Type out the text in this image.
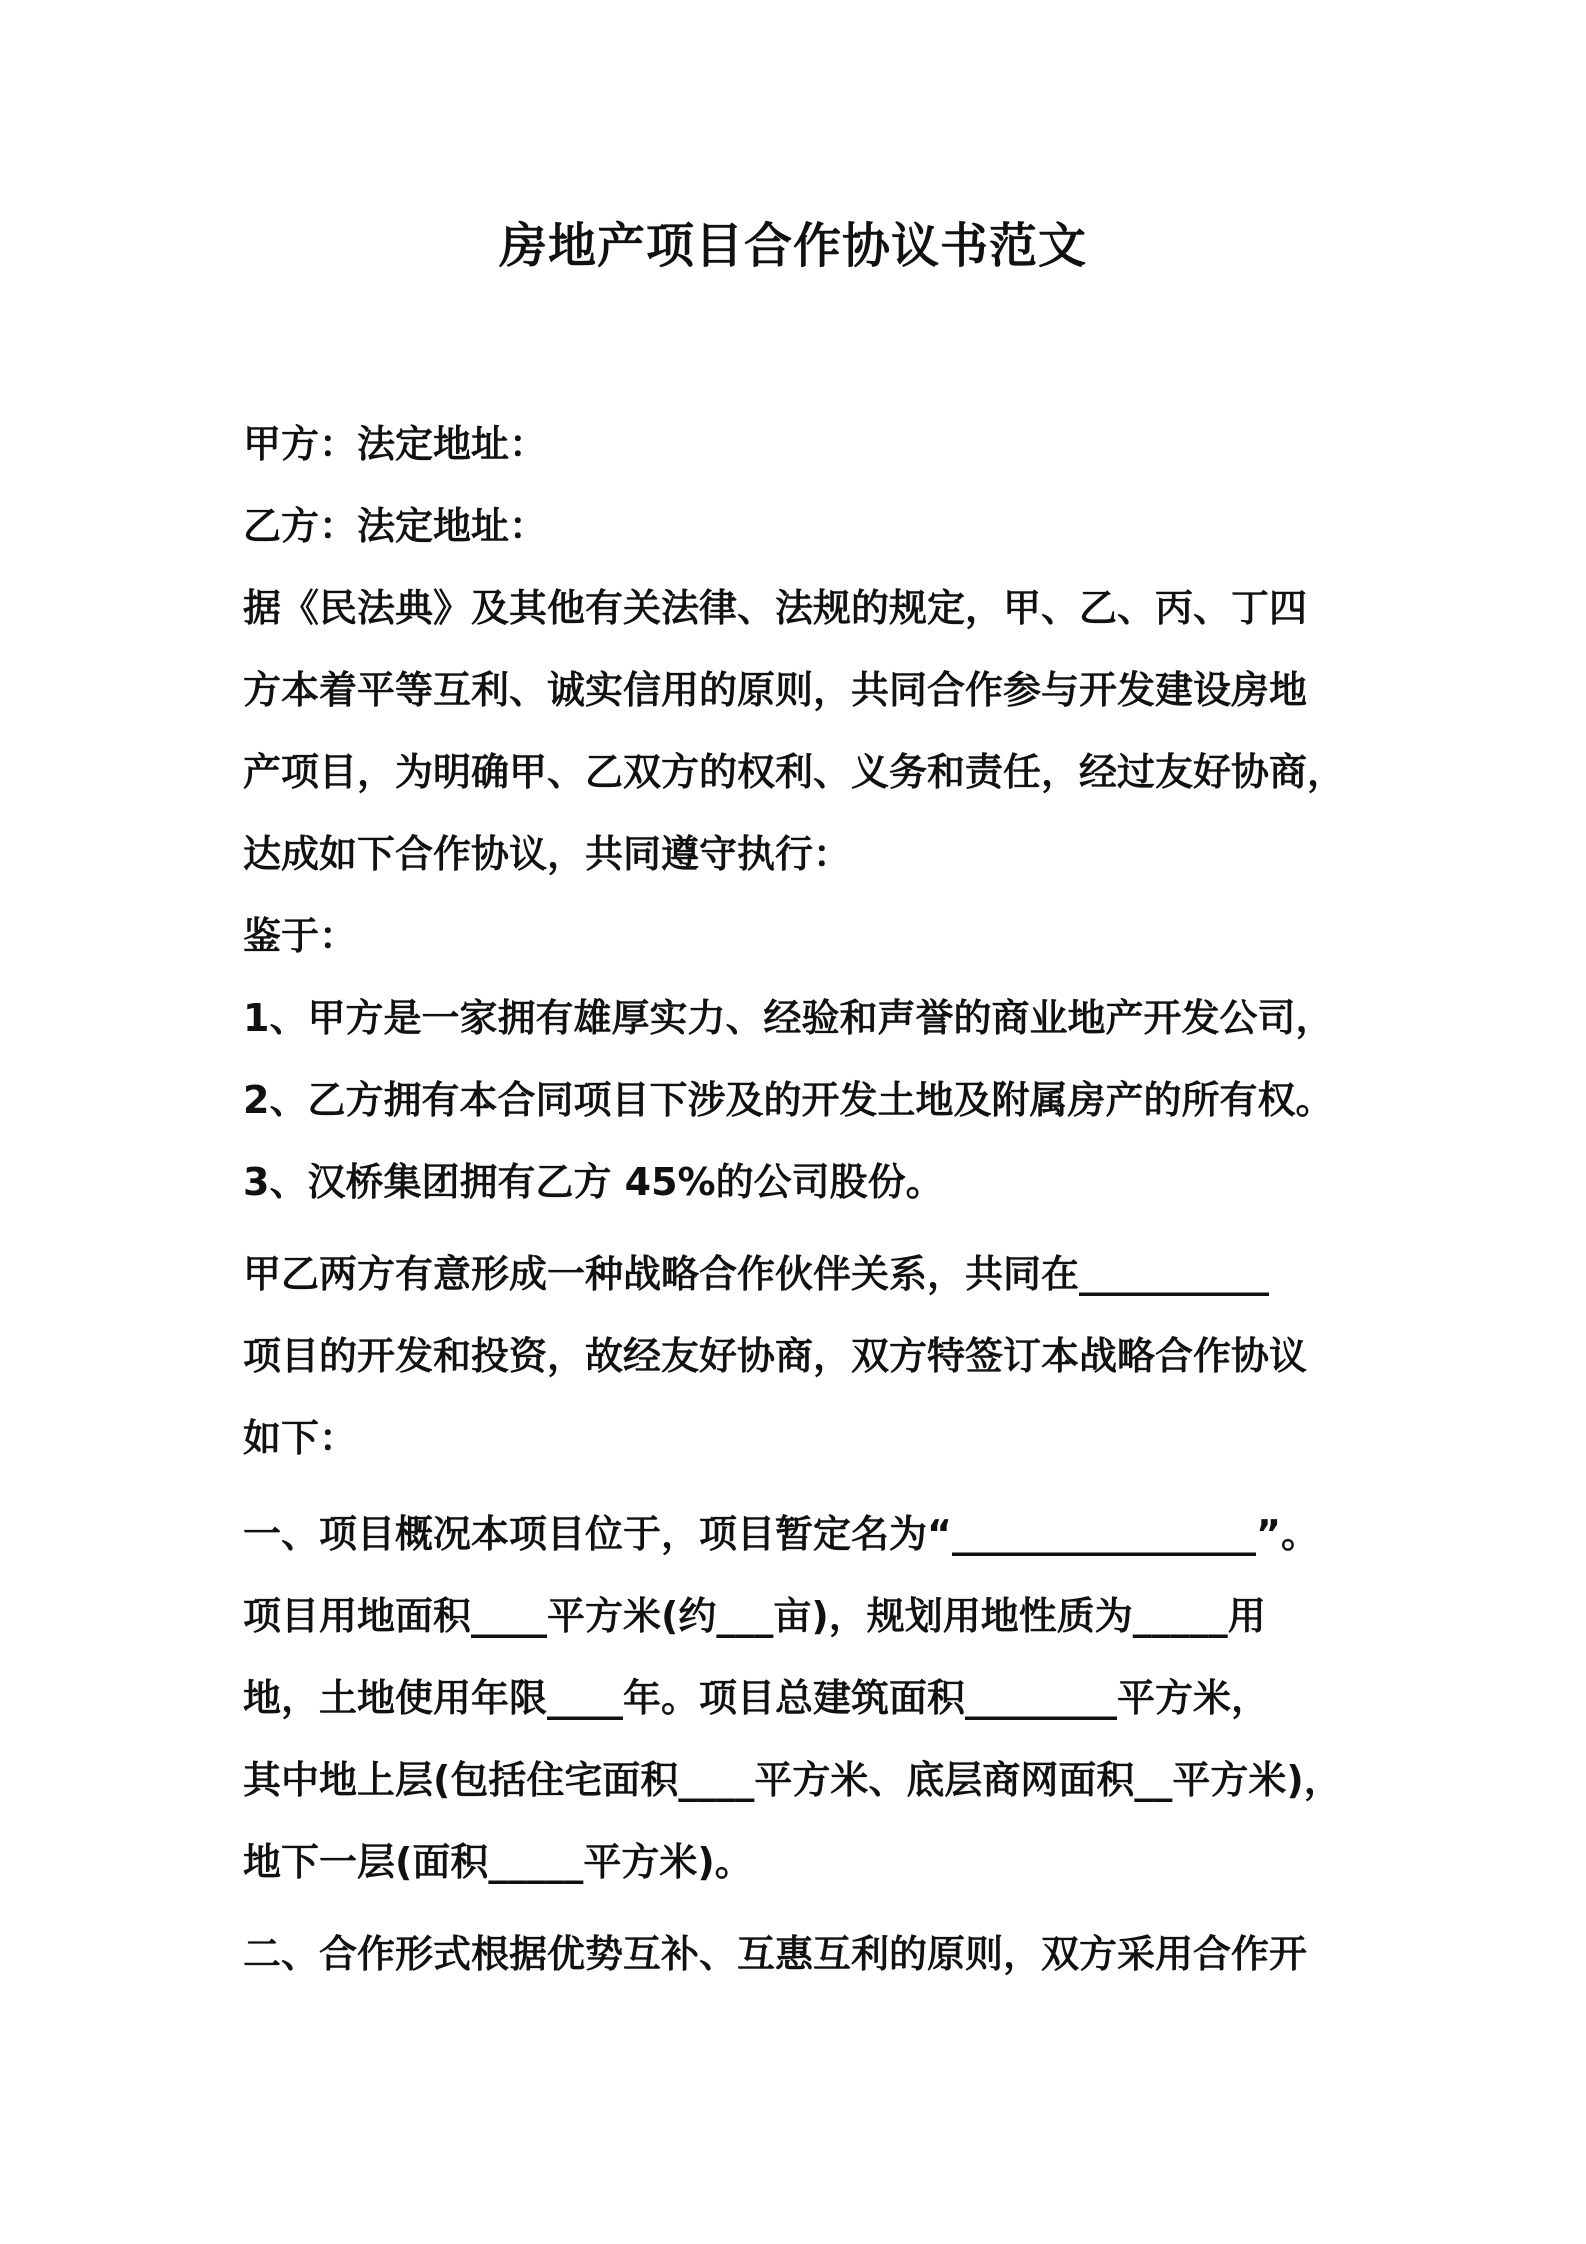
房地产项目合作协议书范文

甲方：法定地址：

乙方：法定地址：

据《民法典》及其他有关法律、法规的规定，甲、乙、丙、丁四

方本着平等互利、诚实信用的原则，共同合作参与开发建设房地

产项目，为明确甲、乙双方的权利、义务和责任，经过友好协商，

达成如下合作协议，共同遵守执行：

鉴于：

1、甲方是一家拥有雄厚实力、经验和声誉的商业地产开发公司，

2、乙方拥有本合同项目下涉及的开发土地及附属房产的所有权。

3、汉桥集团拥有乙方 45%的公司股份。

甲乙两方有意形成一种战略合作伙伴关系，共同在__________

项目的开发和投资，故经友好协商，双方特签订本战略合作协议

如下：

一、项目概况本项目位于，项目暂定名为“________________”。

项目用地面积____平方米(约___亩)，规划用地性质为_____用

地，土地使用年限____年。项目总建筑面积________平方米，

其中地上层(包括住宅面积____平方米、底层商网面积__平方米)，

地下一层(面积_____平方米)。

二、合作形式根据优势互补、互惠互利的原则，双方采用合作开
